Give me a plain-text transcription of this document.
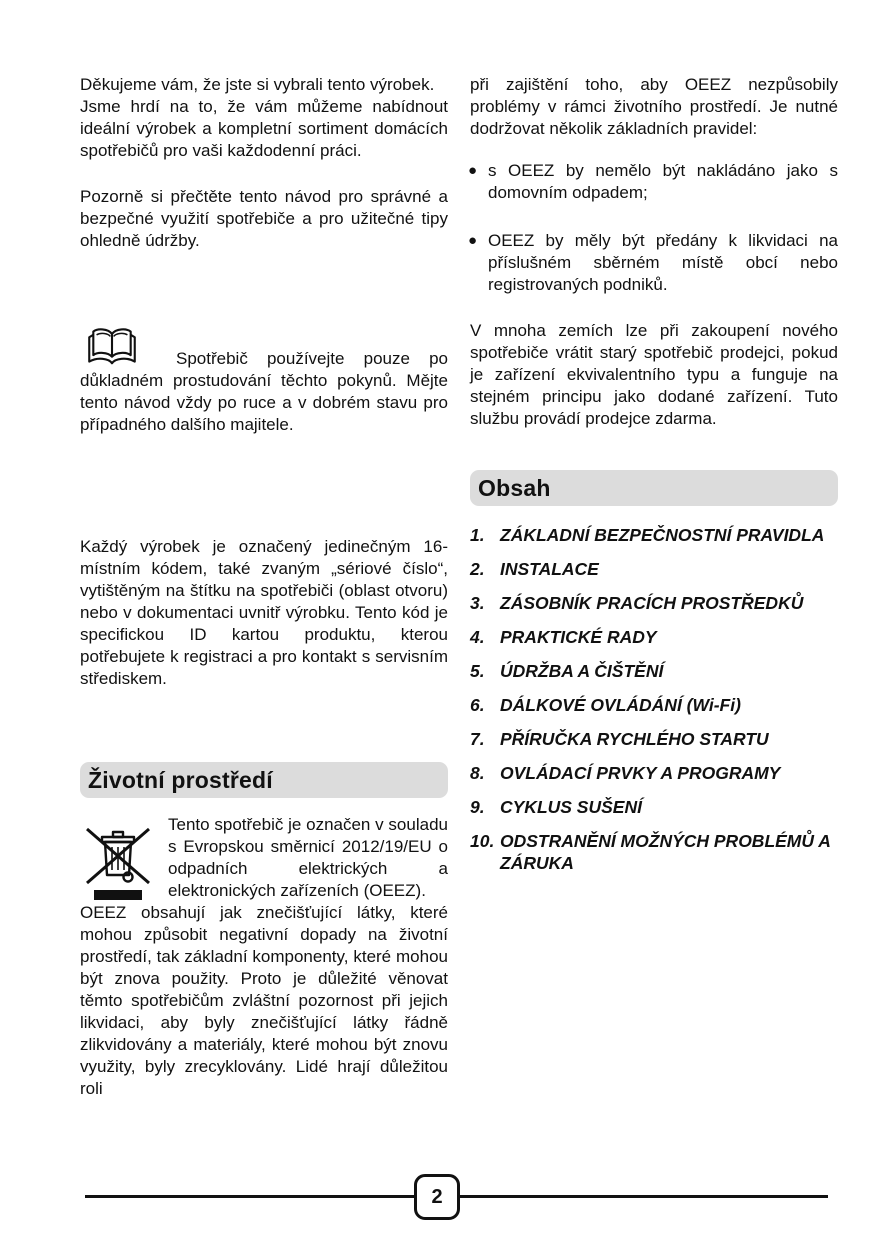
Děkujeme vám, že jste si vybrali tento výrobek.

Jsme hrdí na to, že vám můžeme nabídnout ideální výrobek a kompletní sortiment domácích spotřebičů pro vaši každodenní práci.

Pozorně si přečtěte tento návod pro správné a bezpečné využití spotřebiče a pro užitečné tipy ohledně údržby.

Spotřebič používejte pouze po důkladném prostudování těchto pokynů. Mějte tento návod vždy po ruce a v dobrém stavu pro případného dalšího majitele.

Každý výrobek je označený jedinečným 16-místním kódem, také zvaným „sériové číslo“, vytištěným na štítku na spotřebiči (oblast otvoru) nebo v dokumentaci uvnitř výrobku. Tento kód je specifickou ID kartou produktu, kterou potřebujete k registraci a pro kontakt s servisním střediskem.

Životní prostředí

Tento spotřebič je označen v souladu s Evropskou směrnicí 2012/19/EU o odpadních elektrických a elektronických zařízeních (OEEZ).

OEEZ obsahují jak znečišťující látky, které mohou způsobit negativní dopady na životní prostředí, tak základní komponenty, které mohou být znova použity. Proto je důležité věnovat těmto spotřebičům zvláštní pozornost při jejich likvidaci, aby byly znečišťující látky řádně zlikvidovány a materiály, které mohou být znovu využity, byly zrecyklovány. Lidé hrají důležitou roli

při zajištění toho, aby OEEZ nezpůsobily problémy v rámci životního prostředí. Je nutné dodržovat několik základních pravidel:

● s OEEZ by nemělo být nakládáno jako s domovním odpadem;
● OEEZ by měly být předány k likvidaci na příslušném sběrném místě obcí nebo registrovaných podniků.

V mnoha zemích lze při zakoupení nového spotřebiče vrátit starý spotřebič prodejci, pokud je zařízení ekvivalentního typu a funguje na stejném principu jako dodané zařízení. Tuto službu provádí prodejce zdarma.

Obsah
1. ZÁKLADNÍ BEZPEČNOSTNÍ PRAVIDLA
2. INSTALACE
3. ZÁSOBNÍK PRACÍCH PROSTŘEDKŮ
4. PRAKTICKÉ RADY
5. ÚDRŽBA A ČIŠTĚNÍ
6. DÁLKOVÉ OVLÁDÁNÍ (Wi-Fi)
7. PŘÍRUČKA RYCHLÉHO STARTU
8. OVLÁDACÍ PRVKY A PROGRAMY
9. CYKLUS SUŠENÍ
10. ODSTRANĚNÍ MOŽNÝCH PROBLÉMŮ A ZÁRUKA
2
